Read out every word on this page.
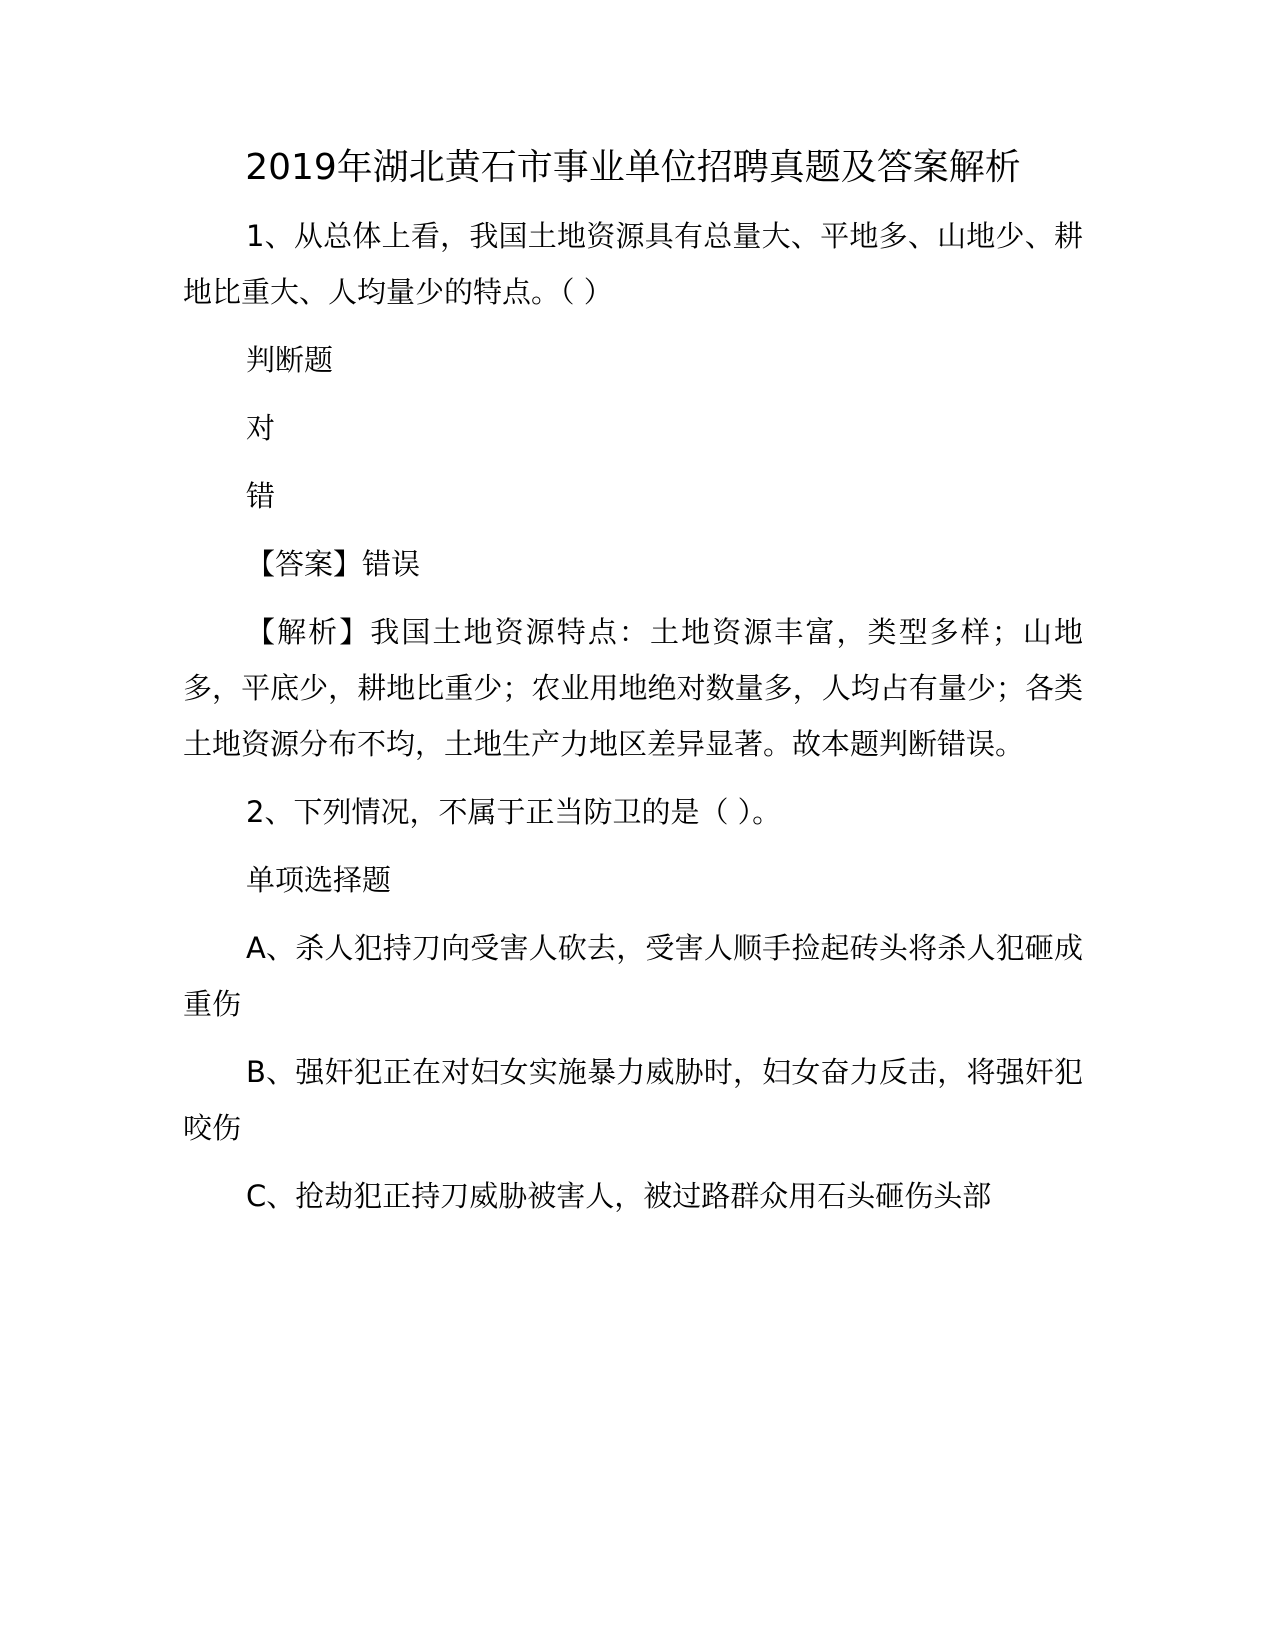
2019年湖北黄石市事业单位招聘真题及答案解析

1、从总体上看，我国土地资源具有总量大、平地多、山地少、耕地比重大、人均量少的特点。（ ）

判断题

对

错

【答案】错误

【解析】我国土地资源特点：土地资源丰富，类型多样；山地多，平底少，耕地比重少；农业用地绝对数量多，人均占有量少；各类土地资源分布不均，土地生产力地区差异显著。故本题判断错误。

2、下列情况，不属于正当防卫的是（ ）。

单项选择题

A、杀人犯持刀向受害人砍去，受害人顺手捡起砖头将杀人犯砸成重伤

B、强奸犯正在对妇女实施暴力威胁时，妇女奋力反击，将强奸犯咬伤

C、抢劫犯正持刀威胁被害人，被过路群众用石头砸伤头部
